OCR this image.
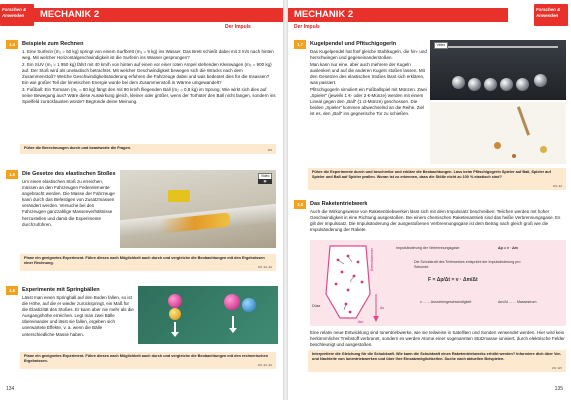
Forschen & Anwenden	MECHANIK 2
Der Impuls
1.4	Beispiele zum Rechnen

1. Eine Surferin (m₁ = 50 kg) springt von einem Surfbrett (m₂ = 9 kg) ins Wasser. Das Brett schießt dabei mit 3 m/s nach hinten weg. Mit welcher Horizontalgeschwindigkeit ist die Surferin ins Wasser gesprungen?

2. Ein SUV (m₁ = 1 950 kg) fährt mit 40 km/h von hinten auf einen vor einer roten Ampel stehenden Kleinwagen (m₂ = 900 kg) auf. Der Stoß wird als unelastisch betrachtet. Mit welcher Geschwindigkeit bewegen sich die Wracks nach dem Zusammenstoß? Welche Geschwindigkeitsänderung erfuhren die Fahrzeuge dabei und was bedeutet dies für die Insassen? Ein wie großer Teil der kinetischen Energie wurde bei dem Zusammenstoß in Wärme umgewandelt?

3. Fußball: Ein Tormann (m₁ = 80 kg) fängt den mit 90 km/h fliegenden Ball (m₂ = 0,8 kg) im Sprung. Wie wirkt sich dies auf seine Bewegung aus? Wäre diese Auswirkung gleich, kleiner oder größer, wenn der Torhüter den Ball nicht fangen, sondern ins Spielfeld zurückfausten würde? Begründe deine Meinung.

Führe die Berechnungen durch und beantworte die Fragen.	W4
1.5	Die Gesetze des elastischen Stoßes
Um einen elastischen Stoß zu erreichen, müssen an den Fahrzeugen Federelemente angebracht werden. Die Masse der Fahrzeuge kann durch das Befestigen von Zusatzmassen verändert werden. Versuche bei den Fahrzeugen ganzzahlige Massenverhältnisse herzustellen und damit die Experimente durchzuführen.
Video
▦
Plane ein geeignetes Experiment. Führe dieses nach Möglichkeit auch durch und vergleiche die Beobachtungen mit den Ergebnissen einer Rechnung.
W4, E2, E3
1.6	Experimente mit Springbällen
Lässt man einen Springball auf den Boden fallen, so ist die Höhe, auf die er wieder zurückspringt, ein Maß für die Elastizität des Stoßes. Er kann aber nie mehr als die Ausgangshöhe erreichen. Legt man zwei Bälle übereinander und lässt sie fallen, ergeben sich unerwartete Effekte, v. a. wenn die Bälle unterschiedliche Masse haben.
Plane ein geeignetes Experiment. Führe dieses nach Möglichkeit auch durch und vergleiche die Beobachtungen mit den rechnerischen Ergebnissen.
W4, E2, E3
134
MECHANIK 2	Forschen & Anwenden
Der Impuls
1.7	Kugelpendel und Pfitschigogerln

Das Kugelpendel hat fünf gleiche Stahlkugeln, die hin- und herschwingen und gegeneinanderstoßen.

Man kann nur eine, aber auch mehrere der Kugeln auslenken und auf die anderen Kugeln stoßen lassen. Mit den Gesetzen des elastischen Stoßes lässt sich erklären, was passiert.

Pfitschigogerln simuliert ein Fußballspiel mit Münzen. Zwei „Spieler“ (jeweils 1 €- oder 2 €-Münze) werden mit einem Lineal gegen den „Ball“ (1 ct-Münze) geschossen. Die beiden „Spieler“ kommen abwechselnd an die Reihe. Ziel ist es, den „Ball“ ins gegnerische Tor zu schießen.

Video
Führe die Experimente durch und beschreibe und erkläre die Beobachtungen. Lass beim Pfitschigogerln Spieler auf Ball, Spieler auf Spieler und Ball auf Spieler prallen. Woran ist zu erkennen, dass die Stöße nicht zu 100 % elastisch sind?
W4, E2
1.8	Das Raketentriebwerk
Auch die Wirkungsweise von Raketentriebwerken lässt sich mit dem Impulssatz beschreiben: Teilchen werden mit hoher Geschwindigkeit in eine Richtung ausgestoßen. Bei einem chemischen Raketenantrieb sind das heiße Verbrennungsgase. Es gilt der Impulssatz. Die Impulsänderung der ausgestoßenen Verbrennungsgase ist dem Betrag nach gleich groß wie die Impulsänderung der Rakete.
Brennkammer
Düse	Δv
Δm
Impulsänderung der Verbrennungsgase:	Δp = v · Δm
Die Schubkraft des Triebwerkes entspricht der Impulsänderung pro Sekunde:
F = Δp/Δt = v · Δm/Δt
v …… Ausströmgeschwindigkeit	Δm/Δt …… Massestrom
Eine relativ neue Entwicklung sind Ionentriebwerke, wie sie teilweise in Satelliten und Sonden verwendet werden. Hier wird kein herkömmlicher Treibstoff verbrannt, sondern es werden Atome einer sogenannten Stützmasse ionisiert, durch elektrische Felder beschleunigt und ausgestoßen.
Interpretiere die Gleichung für die Schubkraft. Wie kann die Schubkraft eines Raketentriebwerks erhöht werden? Informiere dich über Vor- und Nachteile von Ionentriebwerken und über ihre Einsatzmöglichkeiten. Suche nach aktuellen Beispielen.
W2, W4
135
